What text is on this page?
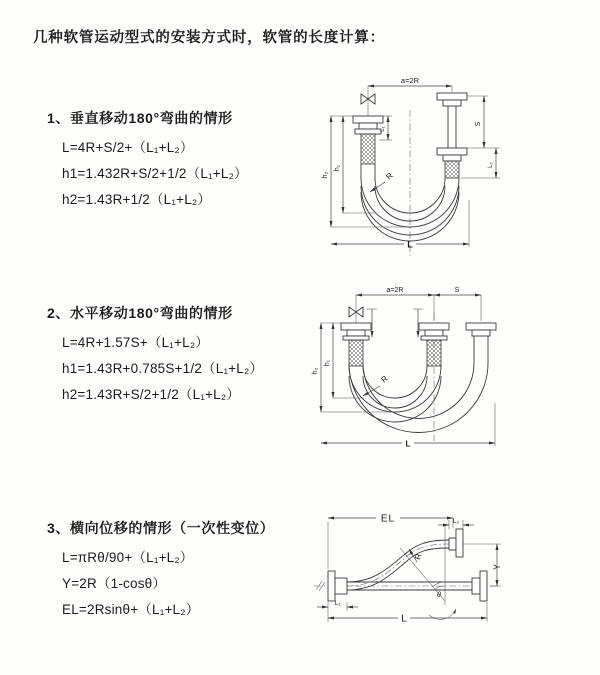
几种软管运动型式的安装方式时，软管的长度计算：
1、垂直移动180°弯曲的情形
L=4R+S/2+（L₁+L₂）
h1=1.432R+S/2+1/2（L₁+L₂）
h2=1.43R+1/2（L₁+L₂）
2、水平移动180°弯曲的情形
L=4R+1.57S+（L₁+L₂）
h1=1.43R+0.785S+1/2（L₁+L₂）
h2=1.43R+S/2+1/2（L₁+L₂）
3、横向位移的情形（一次性变位）
L=πRθ/90+（L₁+L₂）
Y=2R（1-cosθ）
EL=2Rsinθ+（L₁+L₂）
a=2R
R
L₁
h₁
h₂
S
L₂
L
a=2R	S
h₁
h₂
R
L
EL	L₂
Y
θ
R
L₁
L
